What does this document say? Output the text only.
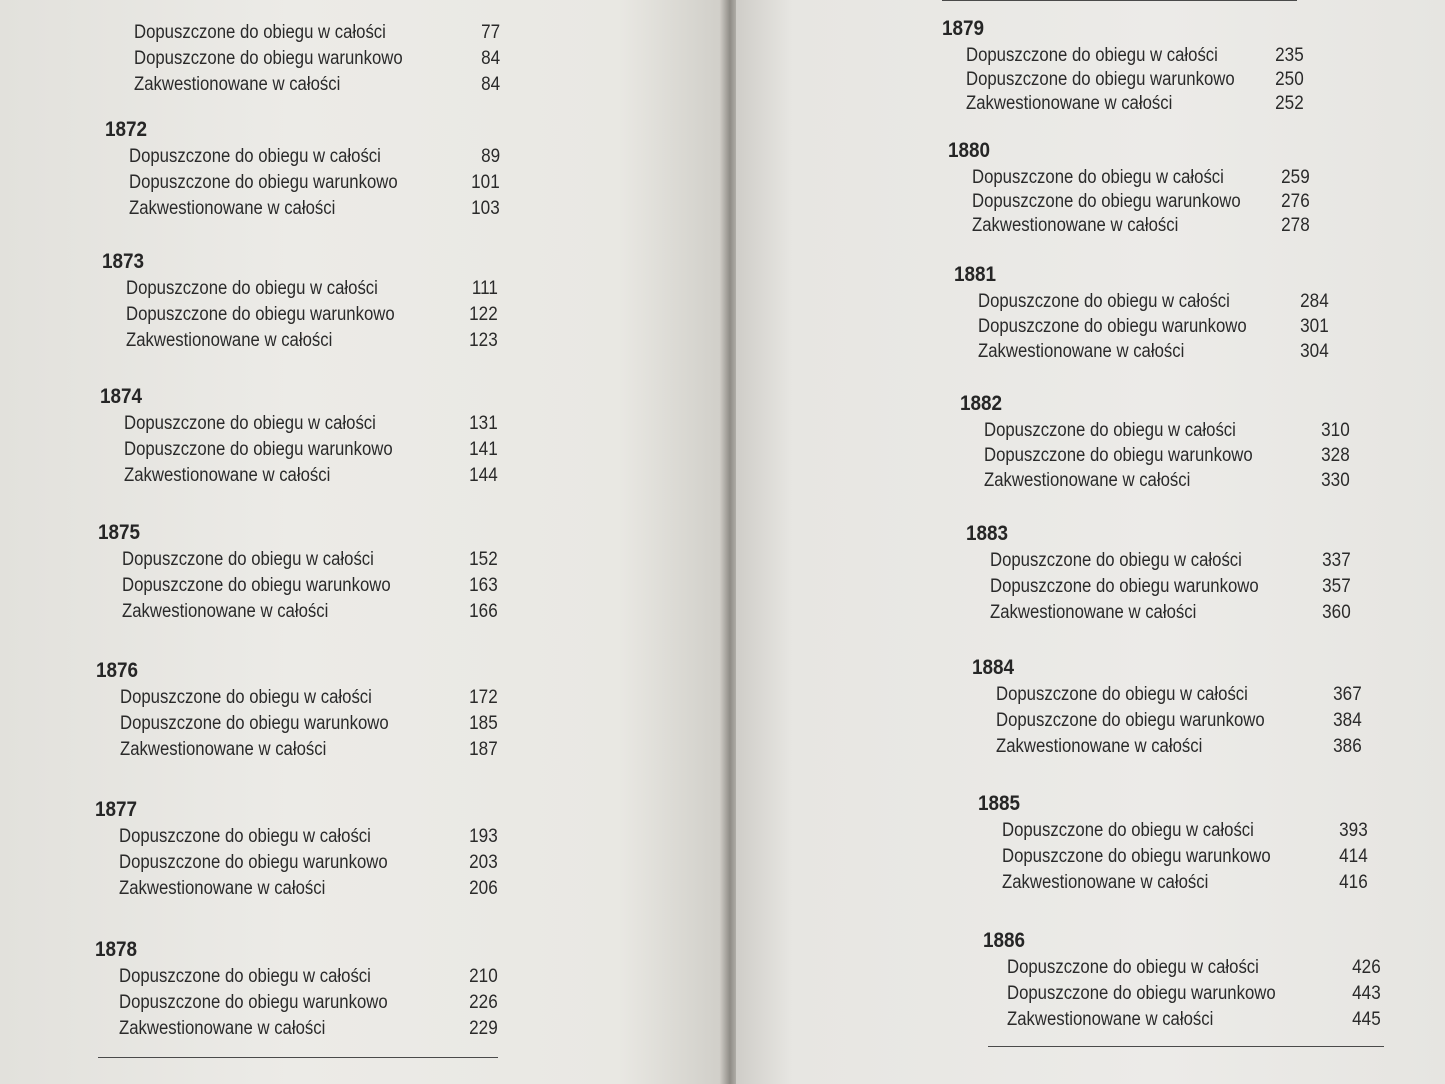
Dopuszczone do obiegu w całości	77
Dopuszczone do obiegu warunkowo	84
Zakwestionowane w całości	84
1872
Dopuszczone do obiegu w całości	89
Dopuszczone do obiegu warunkowo	101
Zakwestionowane w całości	103
1873
Dopuszczone do obiegu w całości	111
Dopuszczone do obiegu warunkowo	122
Zakwestionowane w całości	123
1874
Dopuszczone do obiegu w całości	131
Dopuszczone do obiegu warunkowo	141
Zakwestionowane w całości	144
1875
Dopuszczone do obiegu w całości	152
Dopuszczone do obiegu warunkowo	163
Zakwestionowane w całości	166
1876
Dopuszczone do obiegu w całości	172
Dopuszczone do obiegu warunkowo	185
Zakwestionowane w całości	187
1877
Dopuszczone do obiegu w całości	193
Dopuszczone do obiegu warunkowo	203
Zakwestionowane w całości	206
1878
Dopuszczone do obiegu w całości	210
Dopuszczone do obiegu warunkowo	226
Zakwestionowane w całości	229
1879
Dopuszczone do obiegu w całości	235
Dopuszczone do obiegu warunkowo 250
Zakwestionowane w całości	252
1880
Dopuszczone do obiegu w całości	259
Dopuszczone do obiegu warunkowo 276
Zakwestionowane w całości	278
1881
Dopuszczone do obiegu w całości	284
Dopuszczone do obiegu warunkowo	301
Zakwestionowane w całości	304
1882
Dopuszczone do obiegu w całości	310
Dopuszczone do obiegu warunkowo	328
Zakwestionowane w całości	330
1883
Dopuszczone do obiegu w całości	337
Dopuszczone do obiegu warunkowo	357
Zakwestionowane w całości	360
1884
Dopuszczone do obiegu w całości	367
Dopuszczone do obiegu warunkowo	384
Zakwestionowane w całości	386
1885
Dopuszczone do obiegu w całości	393
Dopuszczone do obiegu warunkowo	414
Zakwestionowane w całości	416
1886
Dopuszczone do obiegu w całości	426
Dopuszczone do obiegu warunkowo	443
Zakwestionowane w całości	445
